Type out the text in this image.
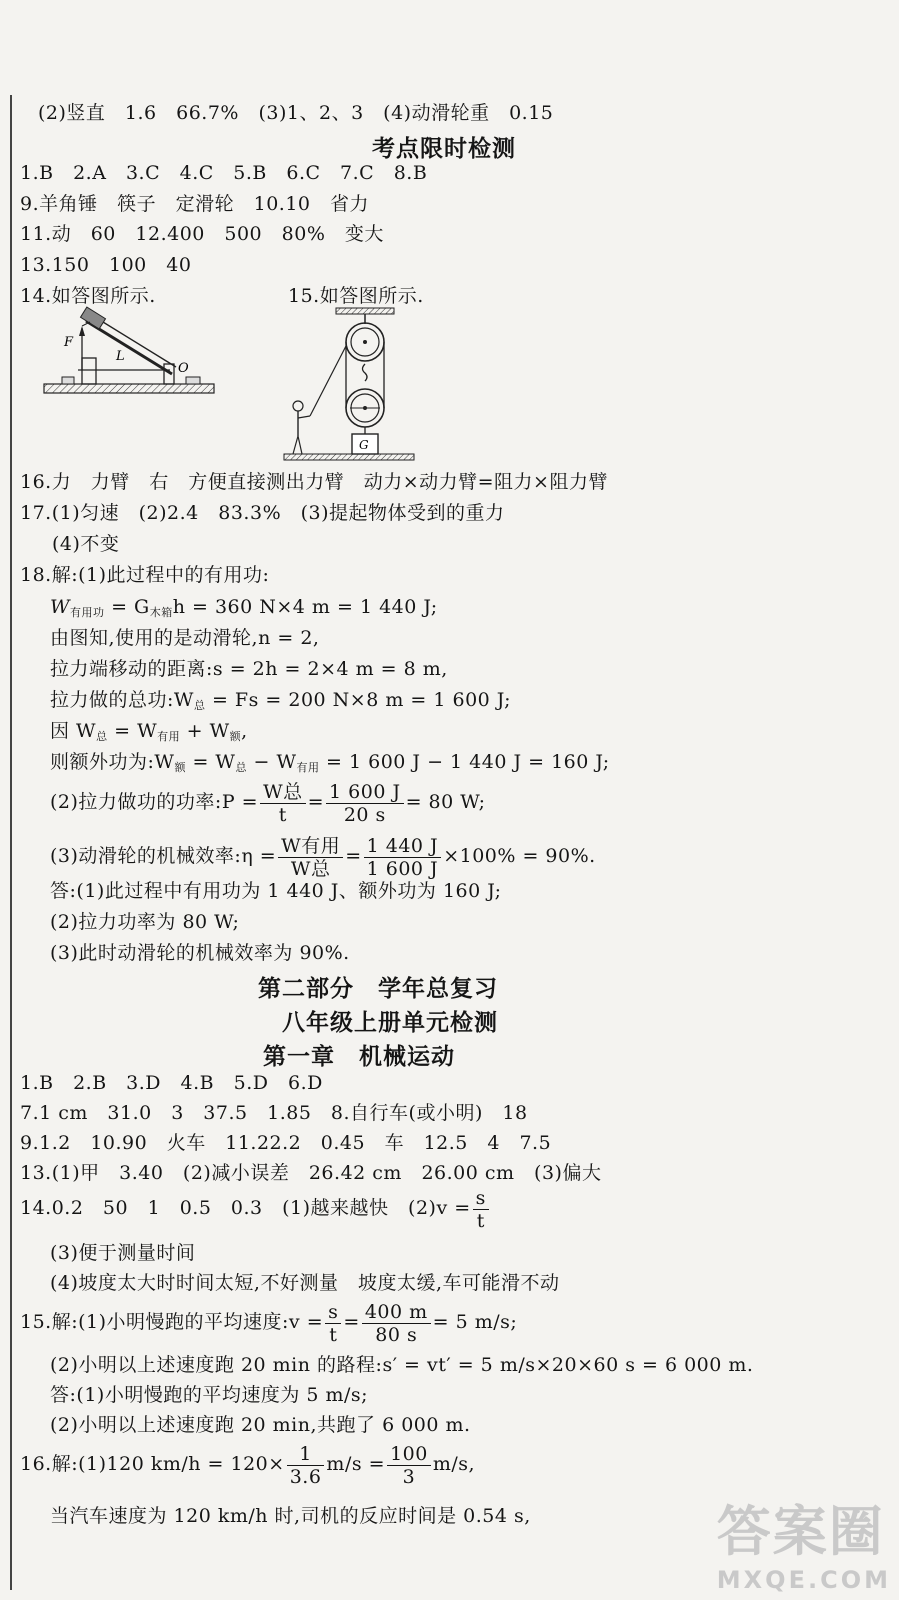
(2)竖直　1.6　66.7%　(3)1、2、3　(4)动滑轮重　0.15
考点限时检测
1.B　2.A　3.C　4.C　5.B　6.C　7.C　8.B
9.羊角锤　筷子　定滑轮　10.10　省力
11.动　60　12.400　500　80%　变大
13.150　100　40
14.如答图所示.	15.如答图所示.
F
L
O
G
16.力　力臂　右　方便直接测出力臂　动力×动力臂=阻力×阻力臂
17.(1)匀速　(2)2.4　83.3%　(3)提起物体受到的重力
(4)不变
18.解:(1)此过程中的有用功:
$W_{有用功} = G_{木箱}h = 360$ N×4 m = 1 440 J;
由图知,使用的是动滑轮,n = 2,
拉力端移动的距离:s = 2h = 2×4 m = 8 m,
拉力做的总功$:W_总 = Fs = 200$ N×8 m = 1 600 J;
因 $W_总 = W_{有用} + W_额$,
则额外功为$:W_额 = W_总 - W_{有用} = 1$ 600 J − 1 440 J = 160 J;
(2)拉力做功的功率:P = $\frac{\text{W总}}{t} = \frac{1 600 J}{20 s} = 80$ W;
(3)动滑轮的机械效率:η = $\frac{\text{W有用}}{\text{W总}} = \frac{1 440 J}{1 600 J} \times 100\% = 90\%$.
答:(1)此过程中有用功为 1 440 J、额外功为 160 J;
(2)拉力功率为 80 W;
(3)此时动滑轮的机械效率为 90%.
第二部分　学年总复习
八年级上册单元检测
第一章　机械运动
1.B　2.B　3.D　4.B　5.D　6.D
7.1 cm　31.0　3　37.5　1.85　8.自行车(或小明)　18
9.1.2　10.90　火车　11.22.2　0.45　车　12.5　4　7.5
13.(1)甲　3.40　(2)减小误差　26.42 cm　26.00 cm　(3)偏大
14.0.2　50　1　0.5　0.3　(1)越来越快　$(2)v = \frac{s}{t}$
(3)便于测量时间
(4)坡度太大时时间太短,不好测量　坡度太缓,车可能滑不动
15.解:(1)小明慢跑的平均速度:v = $\frac{s}{t} = \frac{400 m}{80 s} = 5$ m/s;
(2)小明以上述速度跑 20 min 的路程:s′ = vt′ = 5 m/s×20×60 s = 6 000 m.
答:(1)小明慢跑的平均速度为 5 m/s;
(2)小明以上述速度跑 20 min,共跑了 6 000 m.
16.解:(1)120 $km/h = 120\times \frac{1}{3.6} m/s = \frac{100}{3} m/s$,
当汽车速度为 120 km/h 时,司机的反应时间是 0.54 s,	答案圈
MXQE.COM
